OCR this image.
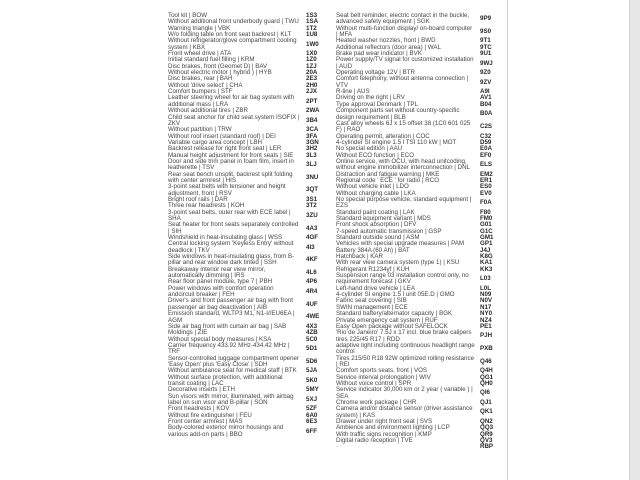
Tool kit | BOW	1S3
Without additional front underbody guard | TWU	1SA
Warning triangle | VBK	1T2
W/o folding table on front seat backrest | KLT	1U8
Without refrigerator/glove compartment cooling system | KBX	1W0
Front wheel drive | ATA	1X0
Initial standard fuel filling | KRM	1Z0
Disc brakes, front (Geomet D) | BAV	1ZJ
Without electric motor ( hybrid ) | HYB	20A
Disc brakes, rear | BAH	2E3
Without 'drive select' | CHA	2H0
Comfort bumpers | STF	2JX
Leather steering wheel for air bag system with additional mass | LRA	2PT
Without additional tires | ZBR	2WA
Child seat anchor for child seat system ISOFIX | ZKV	3B4
Without partition | TRW	3CA
Without roof insert (standard roof) | DEI	3FA
Variable cargo area concept | LBH	3GN
Backrest release for right front seat | LER	3H2
Manual height adjustment for front seats | SIE	3L3
Door and side trim panel in foam film, insert in leatherette | TSV	3LJ
Rear seat bench unsplit, backrest split folding with center armrest | HIS	3NU
3-point seat belts with tensioner and height adjustment, front | RSV	3QT
Bright roof rails | DAR	3S1
Three rear headrests | KOH	3T2
3-point seat belts, outer rear with ECE label | SHA	3ZU
Seat heater for front seats separately controlled | SIH	4A3
Windshield in heat-insulating glass | WSS	4GF
Central locking system 'Keyless Entry' without deadlock | TKV	4I3
Side windows in heat-insulating glass, from B-pillar and rear window dark tinted | SSH	4KF
Breakaway interior rear view mirror, automatically dimming | IRS	4L6
Rear floor panel module, type 7 | PBH	4P6
Power windows with comfort operation andcircuit breaker | FEH	4R4
Driver's and front passenger air bag with front passenger air bag deactivation | AIB	4UF
Emission standard, WLTP3 M1, N1-I//EU6EA | AGM	4WE
Side air bag front with curtain air bag | SAB	4X3
Moldings | ZIE	4ZB
Without special body measures | KSA	5C0
Carrier frequency 433.92 MHz-434.42 MHz | TRF	5D1
Sensor-controlled luggage compartment opener 'Easy Open' plus 'Easy Close' | SDH	5D6
Without ambulance seat for medical staff | BTK	5JA
Without surface protection, with additional transit coating | LAC	5K0
Decorative inserts | ETH	5MY
Sun visors with mirror, illuminated, with airbag label on sun visor and B-pillar | SON	5XJ
Front headrests | KOV	5ZF
Without fire extinguisher | FEU	6A0
Front center armrest | MAS	6E3
Body-colored exterior mirror housings and various add-on parts | BBO	6FF
Seat belt reminder, electric contact in the buckle, advanced safety equipment | SGK	9P9
Without multi-function display/ on-board computer | MFA	9S0
Heated washer nozzles, front | BWD	9T1
Additional reflectors (door area) | WAL	9TC
Brake pad wear indicator | BVK	9U1
Power supply/TV signal for customized installation | AUD	9WJ
Operating voltage 12V | BTR	9Z0
Comfort telephony, without antenna connection | VTV	9ZV
R-line | AUS	A9I
Driving on the right | LRV	AV1
Type approval Denmark | TPL	B04
Component parts set without country-specific design requirement | BLB	B0A
Cast alloy wheels 6J x 15 offset 38 (1C0 601 025 F) | RAO	C2S
Operating permit, alteration | COC	C32
4-cylinder SI engine 1.5 l TSI 110 kW | MOT	D59
No special edition | AAU	E0A
Without ECO function | ECO	EF0
Online service, with OCU, with head unitcoding, without engine immobilizer interconnection | DNL	ELS
Distraction and fatigue warning | MKE	EM2
Regional code ' ECE ' for radio | RCO	ER1
Without vehicle inlet | LDO	ES0
Without charging cable | LKA	EV0
No special purpose vehicle, standard equipment | EZS	F0A
Standard paint coating | LAK	F80
Standard equipment variant | MDS	FM0
Front shock absorption | DFV	G01
7-speed automatic transmission | GSP	G1C
Standard outside sound | ASM	GM1
Vehicles with special upgrade measures | PAM	GP1
Battery 384A (60 Ah) | BAT	J4J
Hatchback | KAR	K8G
With rear view camera system (type 1) | KSU	KA1
Refrigerant R1234yf | KUH	KK3
Suspension range 03 installation control only, no requirement forecast | GKV	L03
Left-hand drive vehicle | LEA	L0L
4-cylinder SI engine 1.5 l unit 05E.D | GMO	N09
Fabric seat covering | SIB	N0V
SWIN management | ECE	N17
Standard battery/alternator capacity | BGK	NY0
Private emergency call system | RUF	NZ4
Easy Open package without SAFELOCK	PE1
'Rio de Janeiro' 7.5J x 17 incl. blue brake calipers tires 225/45 R17 | RDD	PJH
adaptive light including continuous headlight range control	PXB
Tires 215/50 R18 92W optimized rolling resistance | REI	Q46
Comfort sports seats, front | VOS	Q4H
Service interval prolongation | WIV	QG1
Without voice control | SPR	QH0
Service indicator 30,000 km or 2 year ( variable ) | SEA	QI6
Chrome work package | CHR	QJ1
Camera and/or distance sensor (driver assistance system) | KAS	QK1
Drawer under right front seat | SVS	QN2
Ambience and environment lighting | LCP	QQ3
With traffic signs recognition | KMP	QR9
Digital radio reception | TVE	QV3
·	RBP
